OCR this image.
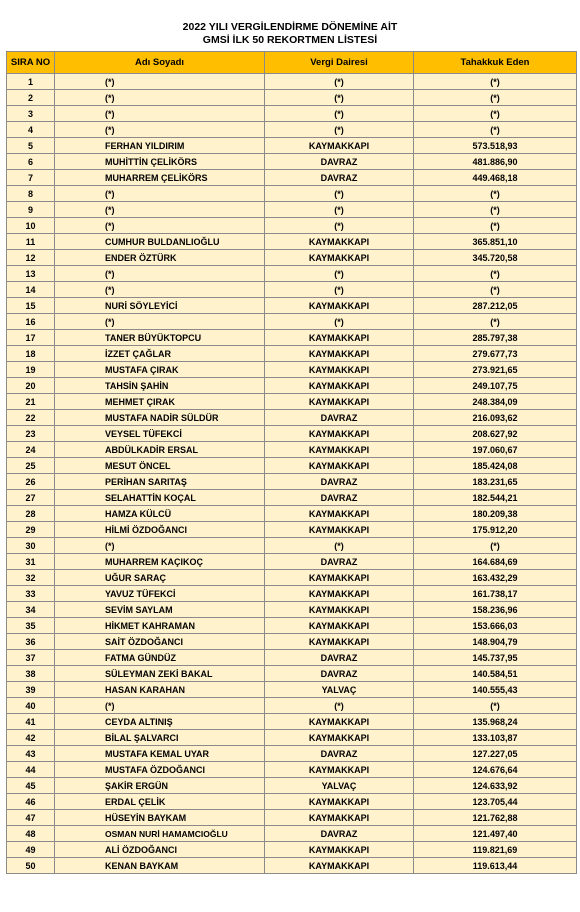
2022 YILI VERGİLENDİRME DÖNEMİNE AİT
GMSİ İLK 50 REKORTMEN LİSTESİ
SIRA NO	Adı Soyadı	Vergi Dairesi	Tahakkuk Eden
1	(*)	(*)	(*)
2	(*)	(*)	(*)
3	(*)	(*)	(*)
4	(*)	(*)	(*)
5	FERHAN YILDIRIM	KAYMAKKAPI	573.518,93
6	MUHİTTİN ÇELİKÖRS	DAVRAZ	481.886,90
7	MUHARREM ÇELİKÖRS	DAVRAZ	449.468,18
8	(*)	(*)	(*)
9	(*)	(*)	(*)
10	(*)	(*)	(*)
11	CUMHUR BULDANLIOĞLU	KAYMAKKAPI	365.851,10
12	ENDER ÖZTÜRK	KAYMAKKAPI	345.720,58
13	(*)	(*)	(*)
14	(*)	(*)	(*)
15	NURİ SÖYLEYİCİ	KAYMAKKAPI	287.212,05
16	(*)	(*)	(*)
17	TANER BÜYÜKTOPCU	KAYMAKKAPI	285.797,38
18	İZZET ÇAĞLAR	KAYMAKKAPI	279.677,73
19	MUSTAFA ÇIRAK	KAYMAKKAPI	273.921,65
20	TAHSİN ŞAHİN	KAYMAKKAPI	249.107,75
21	MEHMET ÇIRAK	KAYMAKKAPI	248.384,09
22	MUSTAFA NADİR SÜLDÜR	DAVRAZ	216.093,62
23	VEYSEL TÜFEKCİ	KAYMAKKAPI	208.627,92
24	ABDÜLKADİR ERSAL	KAYMAKKAPI	197.060,67
25	MESUT ÖNCEL	KAYMAKKAPI	185.424,08
26	PERİHAN SARITAŞ	DAVRAZ	183.231,65
27	SELAHATTİN KOÇAL	DAVRAZ	182.544,21
28	HAMZA KÜLCÜ	KAYMAKKAPI	180.209,38
29	HİLMİ ÖZDOĞANCI	KAYMAKKAPI	175.912,20
30	(*)	(*)	(*)
31	MUHARREM KAÇIKOÇ	DAVRAZ	164.684,69
32	UĞUR SARAÇ	KAYMAKKAPI	163.432,29
33	YAVUZ TÜFEKCİ	KAYMAKKAPI	161.738,17
34	SEVİM SAYLAM	KAYMAKKAPI	158.236,96
35	HİKMET KAHRAMAN	KAYMAKKAPI	153.666,03
36	SAİT ÖZDOĞANCI	KAYMAKKAPI	148.904,79
37	FATMA GÜNDÜZ	DAVRAZ	145.737,95
38	SÜLEYMAN ZEKİ BAKAL	DAVRAZ	140.584,51
39	HASAN KARAHAN	YALVAÇ	140.555,43
40	(*)	(*)	(*)
41	CEYDA ALTINIŞ	KAYMAKKAPI	135.968,24
42	BİLAL ŞALVARCI	KAYMAKKAPI	133.103,87
43	MUSTAFA KEMAL UYAR	DAVRAZ	127.227,05
44	MUSTAFA ÖZDOĞANCI	KAYMAKKAPI	124.676,64
45	ŞAKİR ERGÜN	YALVAÇ	124.633,92
46	ERDAL ÇELİK	KAYMAKKAPI	123.705,44
47	HÜSEYİN BAYKAM	KAYMAKKAPI	121.762,88
48	OSMAN NURİ HAMAMCIOĞLU	DAVRAZ	121.497,40
49	ALİ ÖZDOĞANCI	KAYMAKKAPI	119.821,69
50	KENAN BAYKAM	KAYMAKKAPI	119.613,44
